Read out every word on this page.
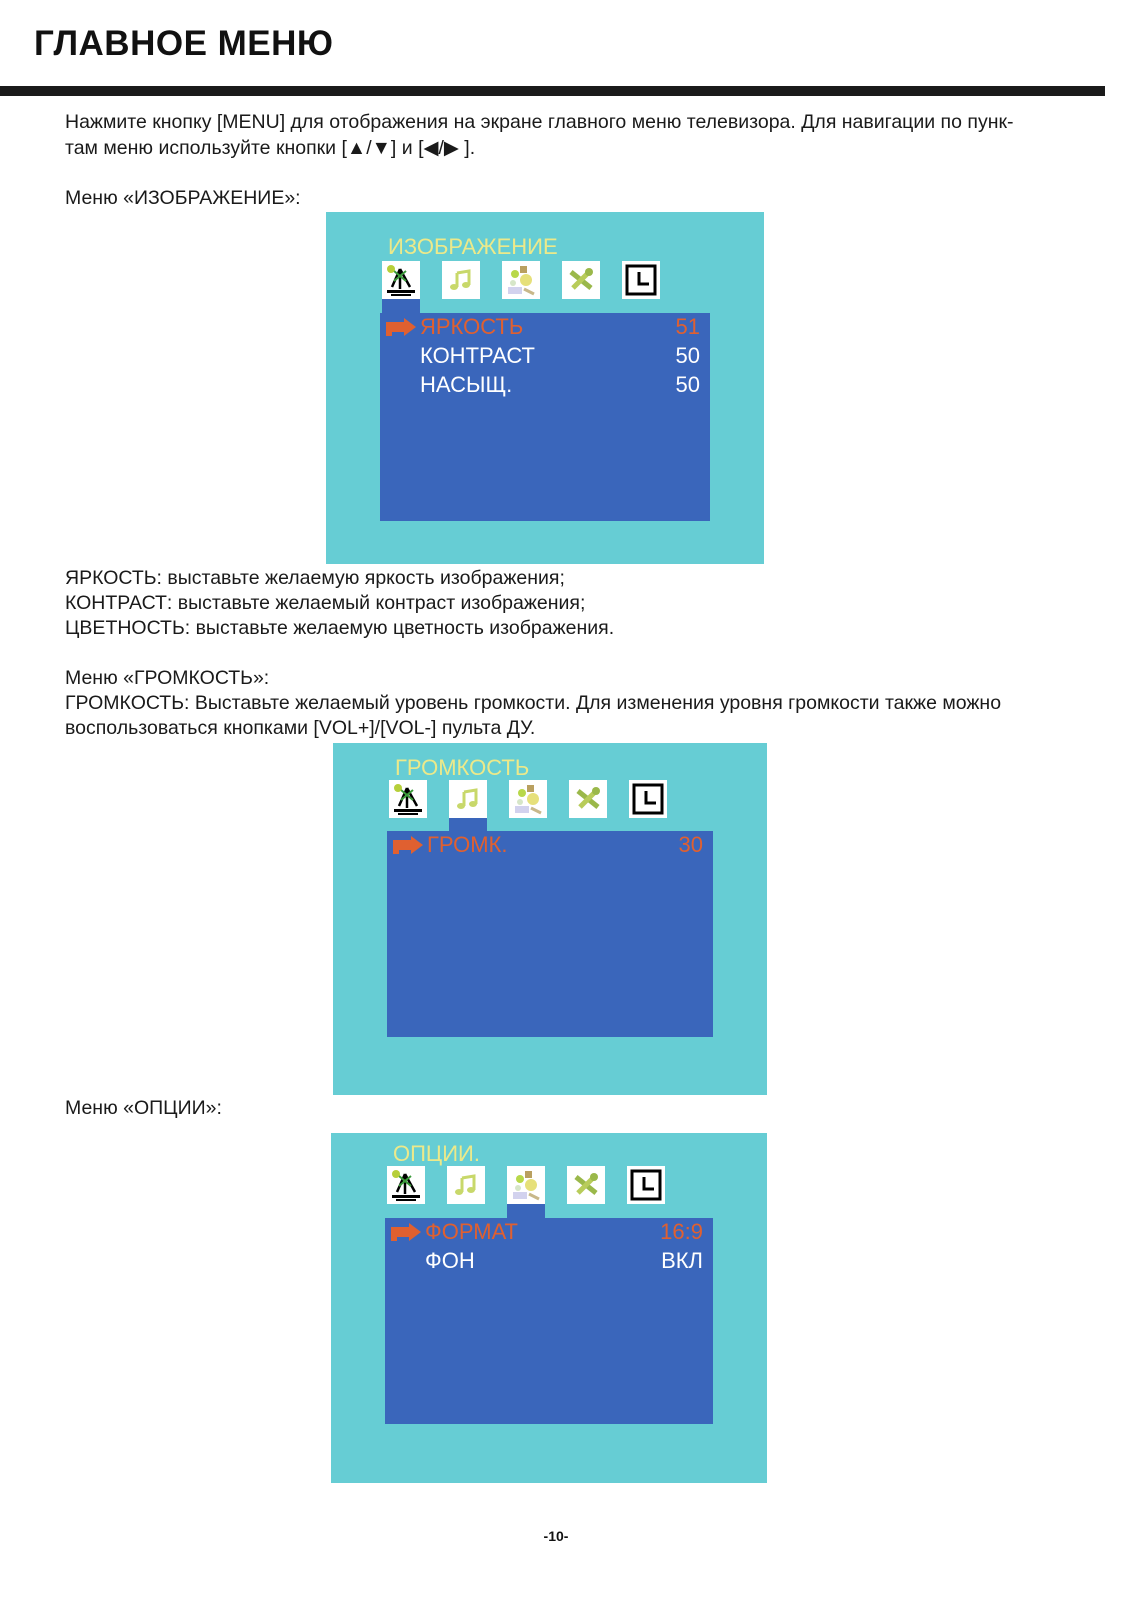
ГЛАВНОЕ МЕНЮ

Нажмите кнопку [MENU] для отображения на экране главного меню телевизора. Для навигации по пунк-

там меню используйте кнопки [▲/▼] и [◀/▶ ].

Меню «ИЗОБРАЖЕНИЕ»:

ИЗОБРАЖЕНИЕ
ЯРКОСТЬ	51
КОНТРАСТ	50
НАСЫЩ.	50

ЯРКОСТЬ: выставьте желаемую яркость изображения;

КОНТРАСТ: выставьте желаемый контраст изображения;

ЦВЕТНОСТЬ: выставьте желаемую цветность изображения.

Меню «ГРОМКОСТЬ»:

ГРОМКОСТЬ: Выставьте желаемый уровень громкости. Для изменения уровня громкости также можно

воспользоваться кнопками [VOL+]/[VOL-] пульта ДУ.

ГРОМКОСТЬ
ГРОМК.	30

Меню «ОПЦИИ»:

ОПЦИИ.
ФОРМАТ	16:9
ФОН	ВКЛ
-10-
